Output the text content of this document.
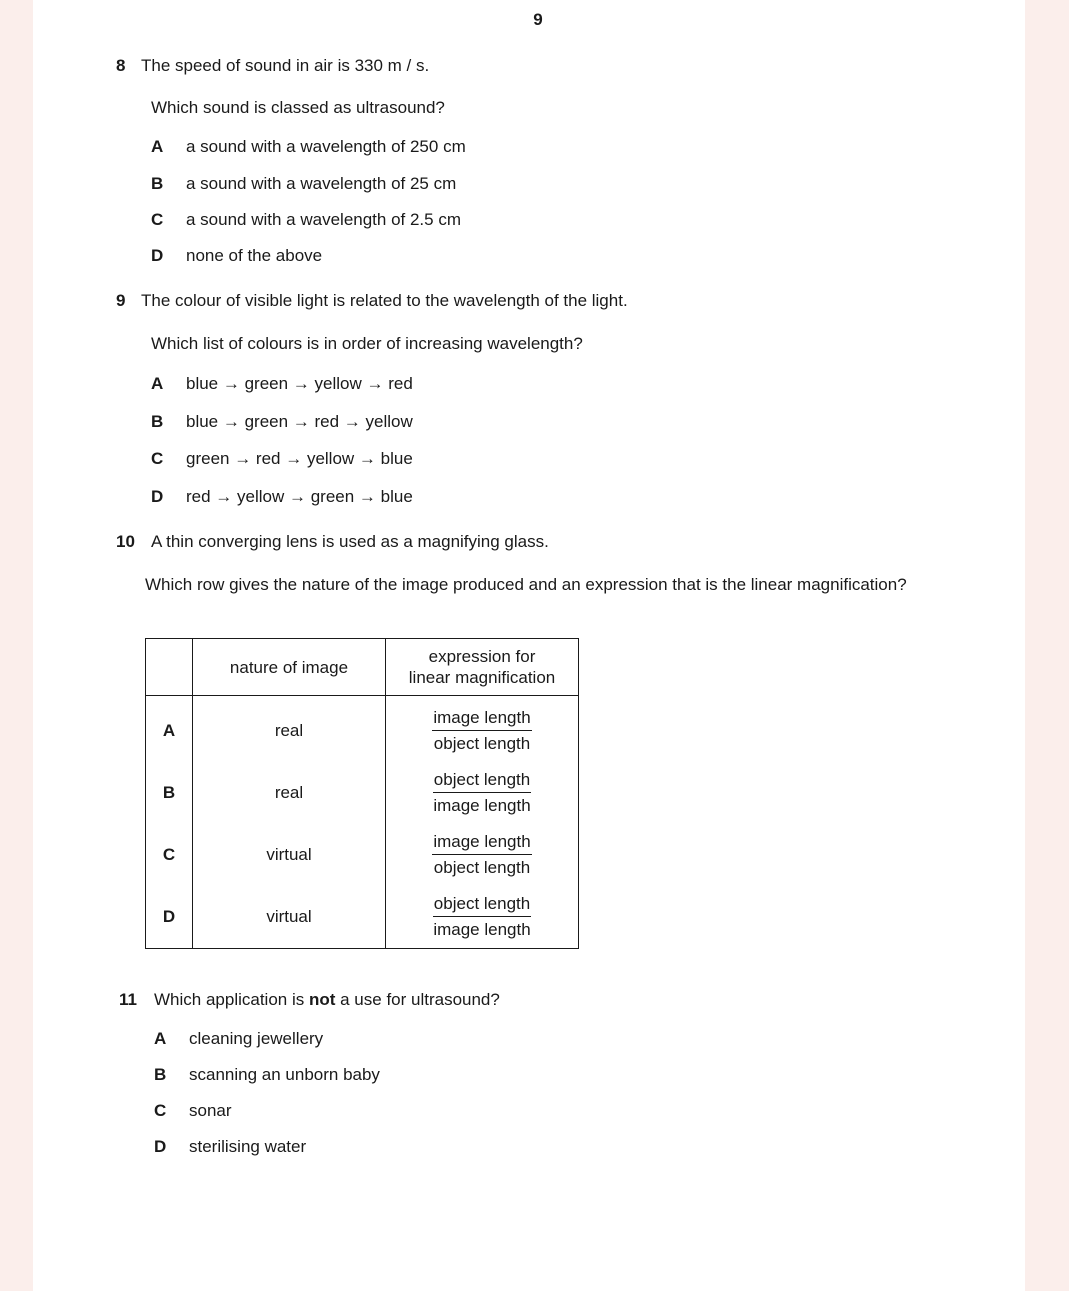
9
8 The speed of sound in air is 330 m / s.
Which sound is classed as ultrasound?
A a sound with a wavelength of 250 cm
B a sound with a wavelength of 25 cm
C a sound with a wavelength of 2.5 cm
D none of the above
9 The colour of visible light is related to the wavelength of the light.
Which list of colours is in order of increasing wavelength?
A blue → green → yellow → red
B blue → green → red → yellow
C green → red → yellow → blue
D red → yellow → green → blue
10 A thin converging lens is used as a magnifying glass.
Which row gives the nature of the image produced and an expression that is the linear magnification?
	nature of image	expression for
linear magnification

A	real	$\frac{\text{image length}}{\text{object length}}$

B	real	$\frac{\text{object length}}{\text{image length}}$

C	virtual	$\frac{\text{image length}}{\text{object length}}$

D	virtual	$\frac{\text{object length}}{\text{image length}}$
11 Which application is not a use for ultrasound?
A cleaning jewellery
B scanning an unborn baby
C sonar
D sterilising water
